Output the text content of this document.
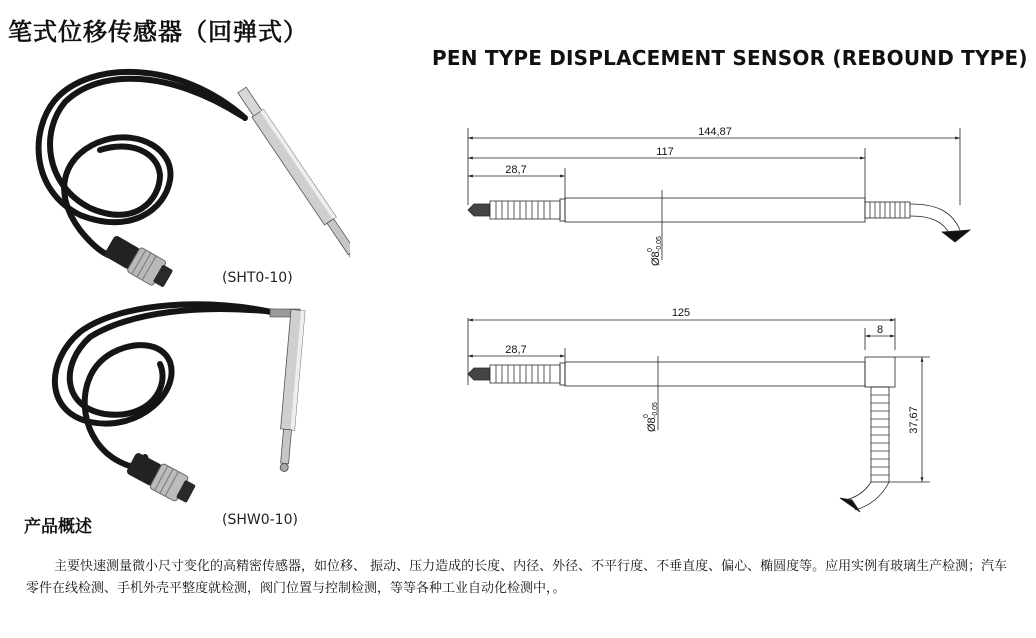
笔式位移传感器（回弹式）
PEN TYPE DISPLACEMENT SENSOR (REBOUND TYPE)
(SHT0-10)
(SHW0-10)
144,87
117
28,7
125
8
28,7
37,67
Ø8
0 -0,05
Ø8
0 -0,05
产品概述
主要快速测量微小尺寸变化的高精密传感器，如位移、 振动、压力造成的长度、内径、外径、不平行度、不垂直度、偏心、椭圆度等。应用实例有玻璃生产检测；汽车零件在线检测、手机外壳平整度就检测，阀门位置与控制检测，等等各种工业自动化检测中，。
